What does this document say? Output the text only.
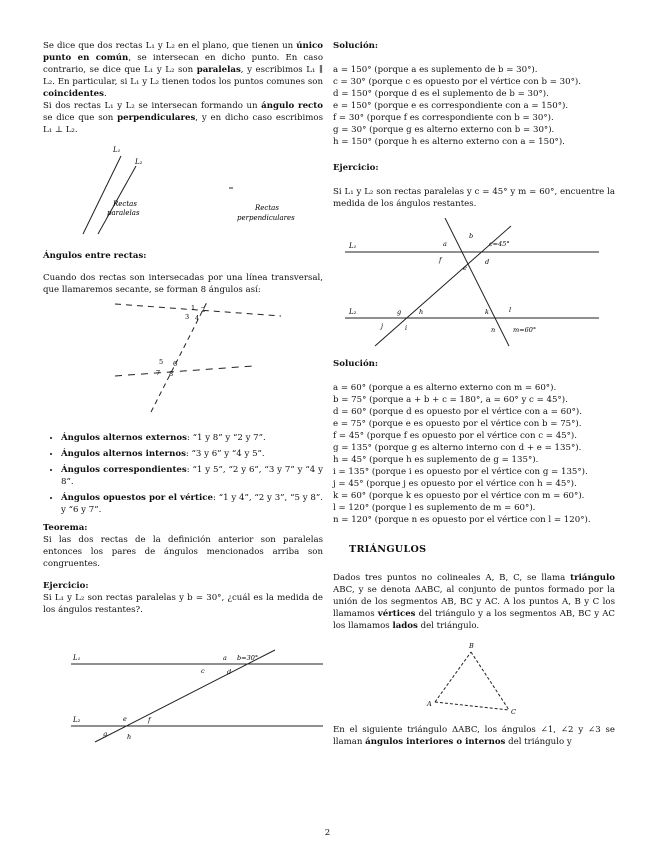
Se dice que dos rectas L₁ y L₂ en el plano, que tienen un único punto en común, se intersecan en dicho punto. En caso contrario, se dice que L₁ y L₂ son paralelas, y escribimos L₁ ∥ L₂. En particular, si L₁ y L₂ tienen todos los puntos comunes son coincidentes.

Si dos rectas L₁ y L₂ se intersecan formando un ángulo recto se dice que son perpendiculares, y en dicho caso escribimos L₁ ⊥ L₂.

L₁
L₂
Rectas
paralelas
Rectas
perpendiculares

Ángulos entre rectas:

Cuando dos rectas son intersecadas por una línea transversal, que llamaremos secante, se forman 8 ángulos así:

1 2
3 4
5 6
7 8
• Ángulos alternos externos: “1 y 8” y “2 y 7”.
• Ángulos alternos internos: “3 y 6” y “4 y 5”.
• Ángulos correspondientes: “1 y 5”, “2 y 6”, “3 y 7” y “4 y 8”.
• Ángulos opuestos por el vértice: “1 y 4”, “2 y 3”, “5 y 8”. y “6 y 7”.

Teorema:

Si las dos rectas de la definición anterior son paralelas entonces los pares de ángulos mencionados arriba son congruentes.

Ejercicio:

Si L₁ y L₂ son rectas paralelas y b = 30°, ¿cuál es la medida de los ángulos restantes?.

L₁
L₂
a b=30°
c	d
e	f
g	h

Solución:

a = 150° (porque a es suplemento de b = 30°).

c = 30° (porque c es opuesto por el vértice con b = 30°).

d = 150° (porque d es el suplemento de b = 30°).

e = 150° (porque e es correspondiente con a = 150°).

f = 30° (porque f es correspondiente con b = 30°).

g = 30° (porque g es alterno externo con b = 30°).

h = 150° (porque h es alterno externo con a = 150°).

Ejercicio:

Si L₁ y L₂ son rectas paralelas y c = 45° y m = 60°, encuentre la medida de los ángulos restantes.

L₁
L₂
a
b
c=45°
d
e
f
g	h
i
j
k	l
m=60°
n

Solución:

a = 60° (porque a es alterno externo con m = 60°).

b = 75° (porque a + b + c = 180°, a = 60° y c = 45°).

d = 60° (porque d es opuesto por el vértice con a = 60°).

e = 75° (porque e es opuesto por el vértice con b = 75°).

f = 45° (porque f es opuesto por el vértice con c = 45°).

g = 135° (porque g es alterno interno con d + e = 135°).

h = 45° (porque h es suplemento de g = 135°).

i = 135° (porque i es opuesto por el vértice con g = 135°).

j = 45° (porque j es opuesto por el vértice con h = 45°).

k = 60° (porque k es opuesto por el vértice con m = 60°).

l = 120° (porque l es suplemento de m = 60°).

n = 120° (porque n es opuesto por el vértice con l = 120°).

TRIÁNGULOS

Dados tres puntos no colineales A, B, C, se llama triángulo ABC, y se denota ΔABC, al conjunto de puntos formado por la unión de los segmentos AB, BC y AC. A los puntos A, B y C los llamamos vértices del triángulo y a los segmentos AB, BC y AC los llamamos lados del triángulo.

A
B
C

En el siguiente triángulo ΔABC, los ángulos ∠1, ∠2 y ∠3 se llaman ángulos interiores o internos del triángulo y

2
